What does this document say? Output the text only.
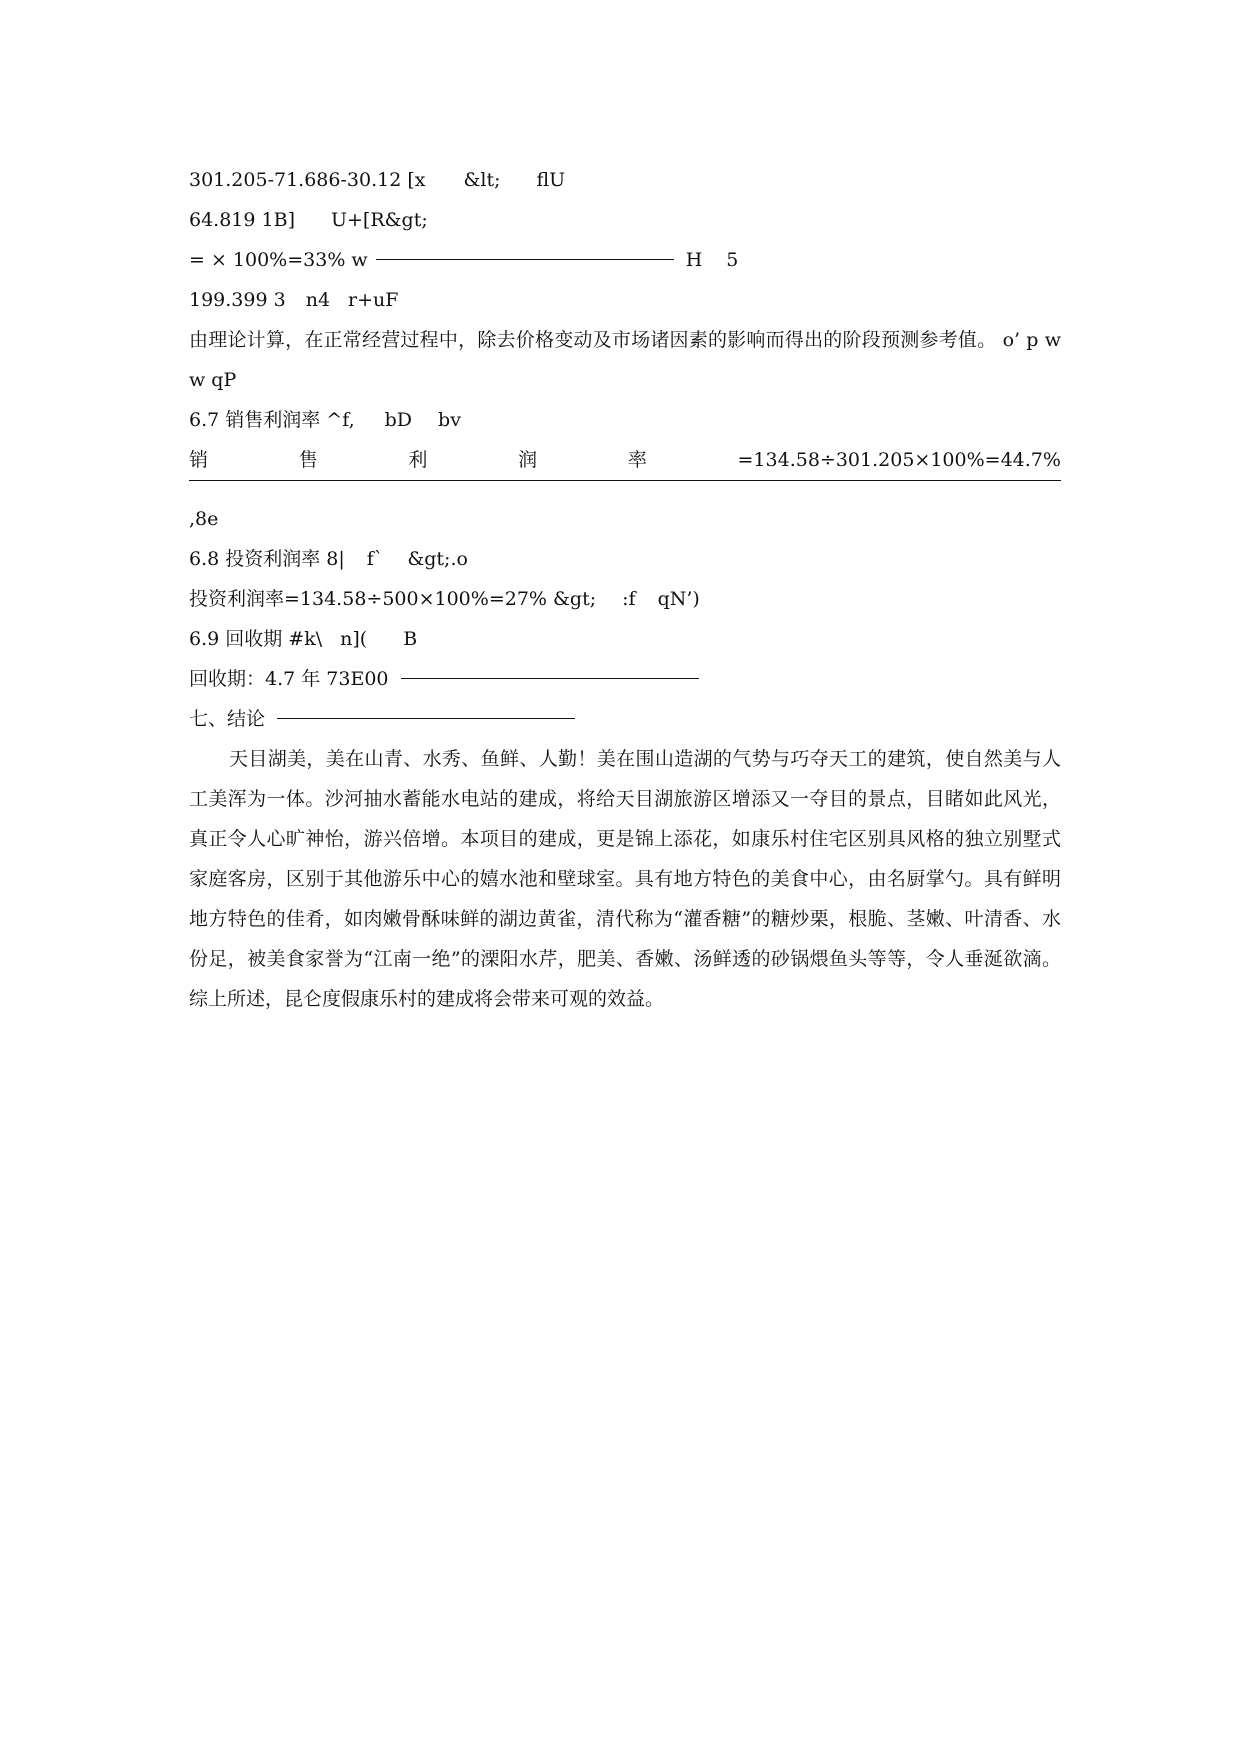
301.205-71.686-30.12 [x &lt; flU
64.819 1B] U+[R&gt;
= × 100%=33% w	H 5
199.399 3 n4 r+uF
由理论计算，在正常经营过程中，除去价格变动及市场诸因素的影响而得出的阶段预测参考值。 o’ p ww qP
6.7 销售利润率 ^f, bD bv
销	售	利	润	率	=134.58÷301.205×100%=44.7%
,8e
6.8 投资利润率 8| f` &gt;.o
投资利润率=134.58÷500×100%=27% &gt; :f qN’)
6.9 回收期 #k\ n]( B
回收期：4.7 年 73E00
七、结论
天目湖美，美在山青、水秀、鱼鲜、人勤！美在围山造湖的气势与巧夺天工的建筑，使自然美与人工美浑为一体。沙河抽水蓄能水电站的建成，将给天目湖旅游区增添又一夺目的景点，目睹如此风光，真正令人心旷神怡，游兴倍增。本项目的建成，更是锦上添花，如康乐村住宅区别具风格的独立别墅式家庭客房，区别于其他游乐中心的嬉水池和壁球室。具有地方特色的美食中心，由名厨掌勺。具有鲜明地方特色的佳肴，如肉嫩骨酥味鲜的湖边黄雀，清代称为“灌香糖”的糖炒栗，根脆、茎嫩、叶清香、水份足，被美食家誉为“江南一绝”的溧阳水芹，肥美、香嫩、汤鲜透的砂锅煨鱼头等等，令人垂涎欲滴。综上所述，昆仑度假康乐村的建成将会带来可观的效益。
